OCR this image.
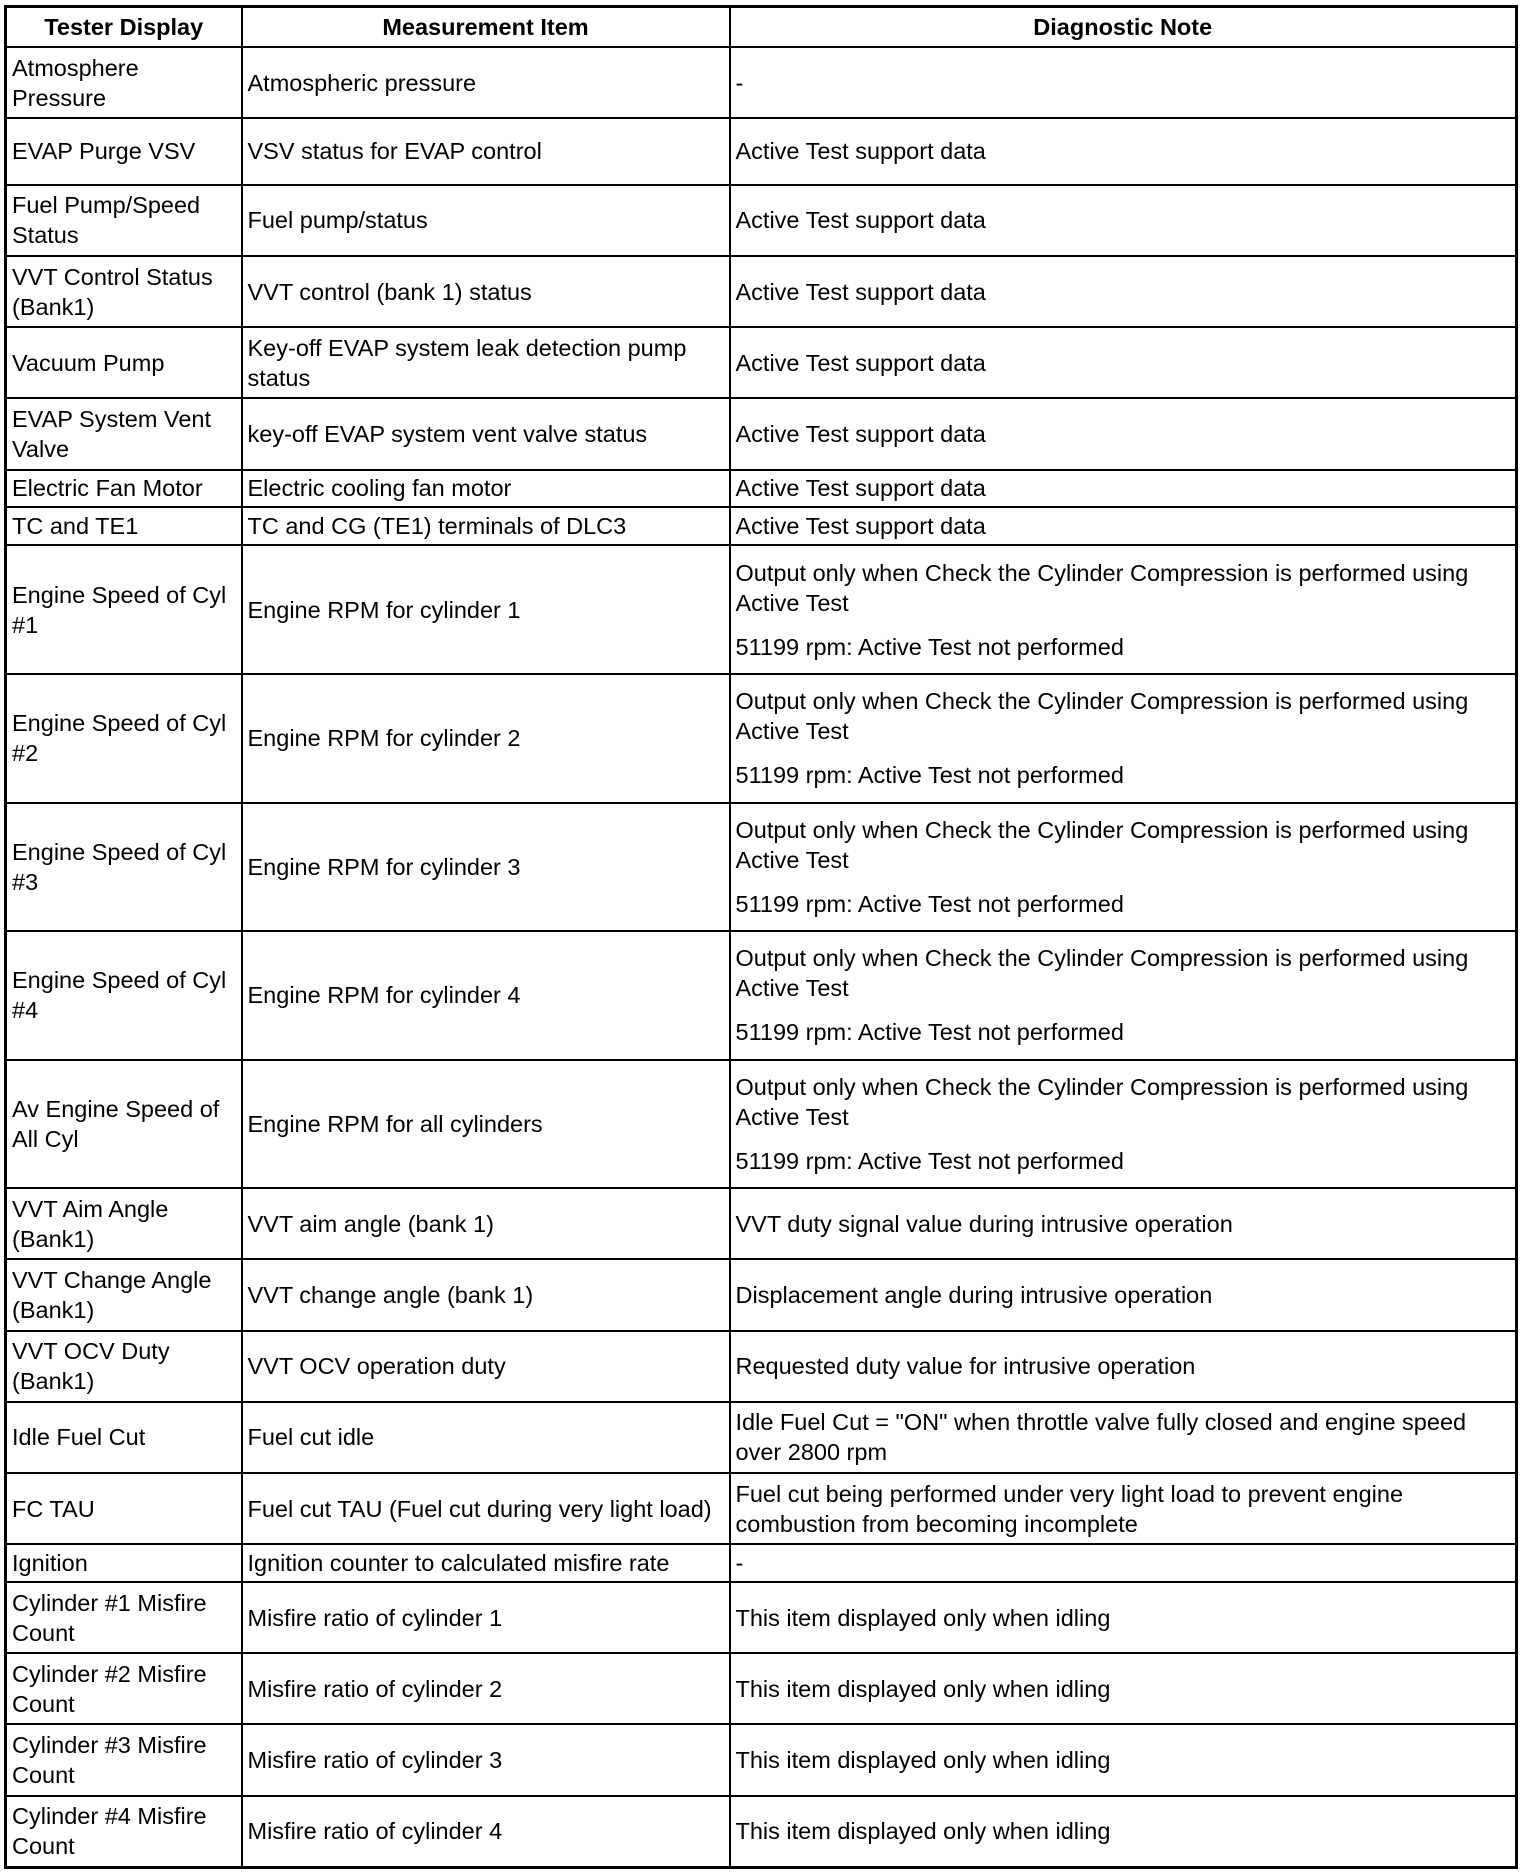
Tester Display	Measurement Item	Diagnostic Note
Atmosphere Pressure	Atmospheric pressure	-

EVAP Purge VSV	VSV status for EVAP control	Active Test support data

Fuel Pump/Speed Status	Fuel pump/status	Active Test support data

VVT Control Status (Bank1)	VVT control (bank 1) status	Active Test support data

Vacuum Pump	Key-off EVAP system leak detection pump status	Active Test support data

EVAP System Vent Valve	key-off EVAP system vent valve status	Active Test support data

Electric Fan Motor	Electric cooling fan motor	Active Test support data

TC and TE1	TC and CG (TE1) terminals of DLC3	Active Test support data

Engine Speed of Cyl #1	Engine RPM for cylinder 1	Output only when Check the Cylinder Compression is performed using Active Test
51199 rpm: Active Test not performed

Engine Speed of Cyl #2	Engine RPM for cylinder 2	Output only when Check the Cylinder Compression is performed using Active Test
51199 rpm: Active Test not performed

Engine Speed of Cyl #3	Engine RPM for cylinder 3	Output only when Check the Cylinder Compression is performed using Active Test
51199 rpm: Active Test not performed

Engine Speed of Cyl #4	Engine RPM for cylinder 4	Output only when Check the Cylinder Compression is performed using Active Test
51199 rpm: Active Test not performed

Av Engine Speed of All Cyl	Engine RPM for all cylinders	Output only when Check the Cylinder Compression is performed using Active Test
51199 rpm: Active Test not performed

VVT Aim Angle (Bank1)	VVT aim angle (bank 1)	VVT duty signal value during intrusive operation

VVT Change Angle (Bank1)	VVT change angle (bank 1)	Displacement angle during intrusive operation

VVT OCV Duty (Bank1)	VVT OCV operation duty	Requested duty value for intrusive operation

Idle Fuel Cut	Fuel cut idle	Idle Fuel Cut = "ON" when throttle valve fully closed and engine speed over 2800 rpm

FC TAU	Fuel cut TAU (Fuel cut during very light load)	Fuel cut being performed under very light load to prevent engine combustion from becoming incomplete

Ignition	Ignition counter to calculated misfire rate	-

Cylinder #1 Misfire Count	Misfire ratio of cylinder 1	This item displayed only when idling

Cylinder #2 Misfire Count	Misfire ratio of cylinder 2	This item displayed only when idling

Cylinder #3 Misfire Count	Misfire ratio of cylinder 3	This item displayed only when idling

Cylinder #4 Misfire Count	Misfire ratio of cylinder 4	This item displayed only when idling
